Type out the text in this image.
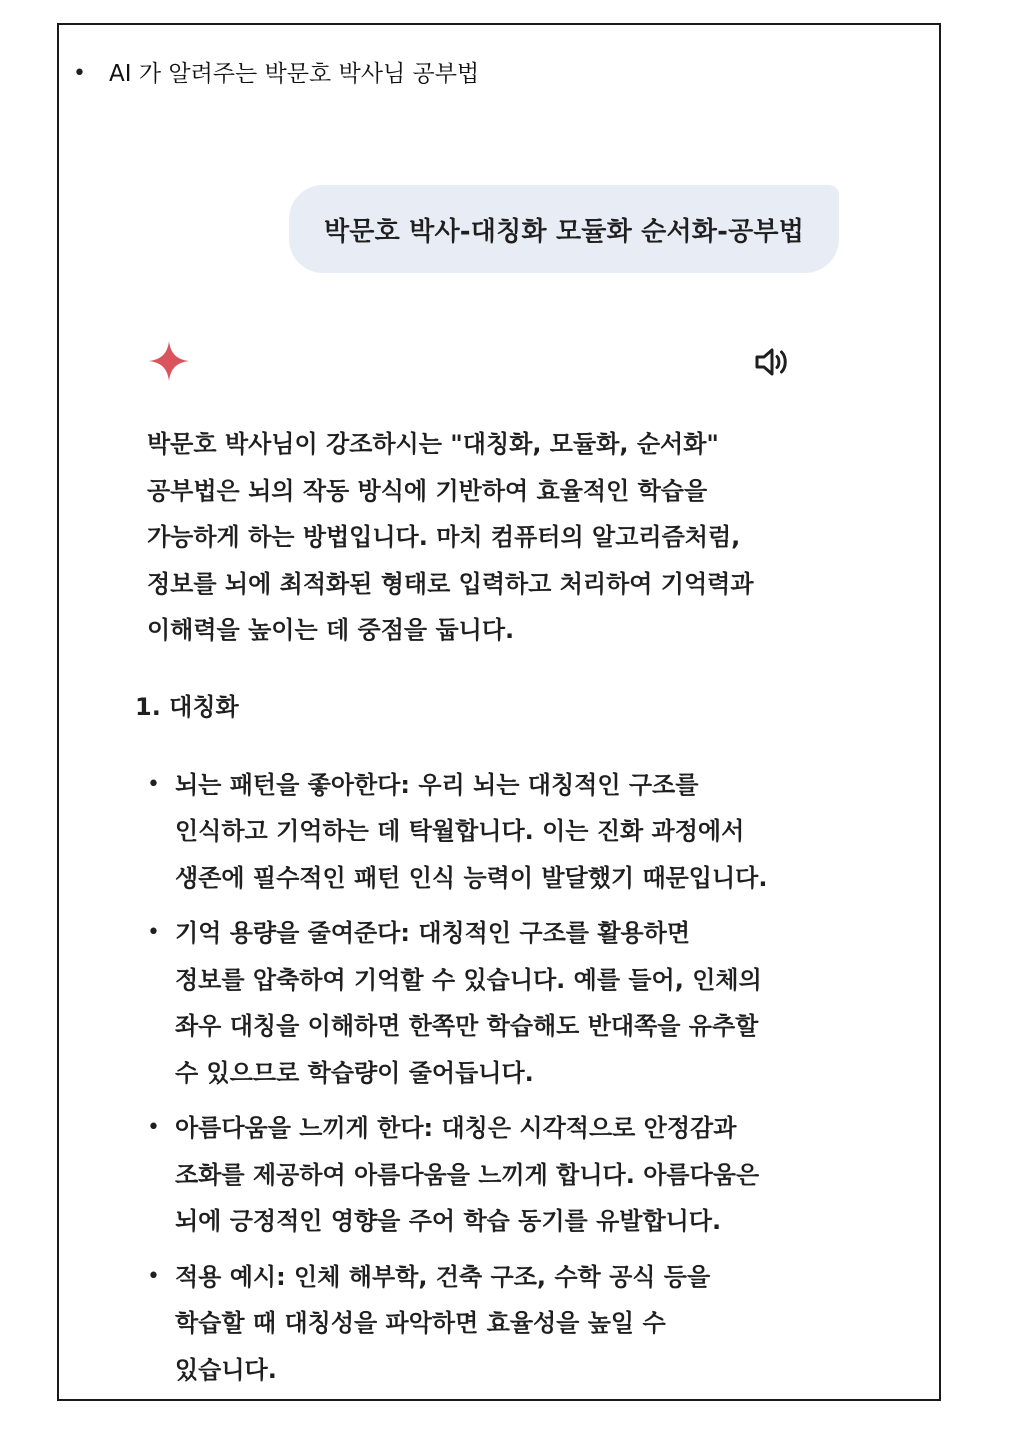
• AI 가 알려주는 박문호 박사님 공부법
박문호 박사-대칭화 모듈화 순서화-공부법
박문호 박사님이 강조하시는 "대칭화, 모듈화, 순서화"
공부법은 뇌의 작동 방식에 기반하여 효율적인 학습을
가능하게 하는 방법입니다. 마치 컴퓨터의 알고리즘처럼,
정보를 뇌에 최적화된 형태로 입력하고 처리하여 기억력과
이해력을 높이는 데 중점을 둡니다.
1. 대칭화
• 뇌는 패턴을 좋아한다: 우리 뇌는 대칭적인 구조를
인식하고 기억하는 데 탁월합니다. 이는 진화 과정에서
생존에 필수적인 패턴 인식 능력이 발달했기 때문입니다.
• 기억 용량을 줄여준다: 대칭적인 구조를 활용하면
정보를 압축하여 기억할 수 있습니다. 예를 들어, 인체의
좌우 대칭을 이해하면 한쪽만 학습해도 반대쪽을 유추할
수 있으므로 학습량이 줄어듭니다.
• 아름다움을 느끼게 한다: 대칭은 시각적으로 안정감과
조화를 제공하여 아름다움을 느끼게 합니다. 아름다움은
뇌에 긍정적인 영향을 주어 학습 동기를 유발합니다.
• 적용 예시: 인체 해부학, 건축 구조, 수학 공식 등을
학습할 때 대칭성을 파악하면 효율성을 높일 수
있습니다.
